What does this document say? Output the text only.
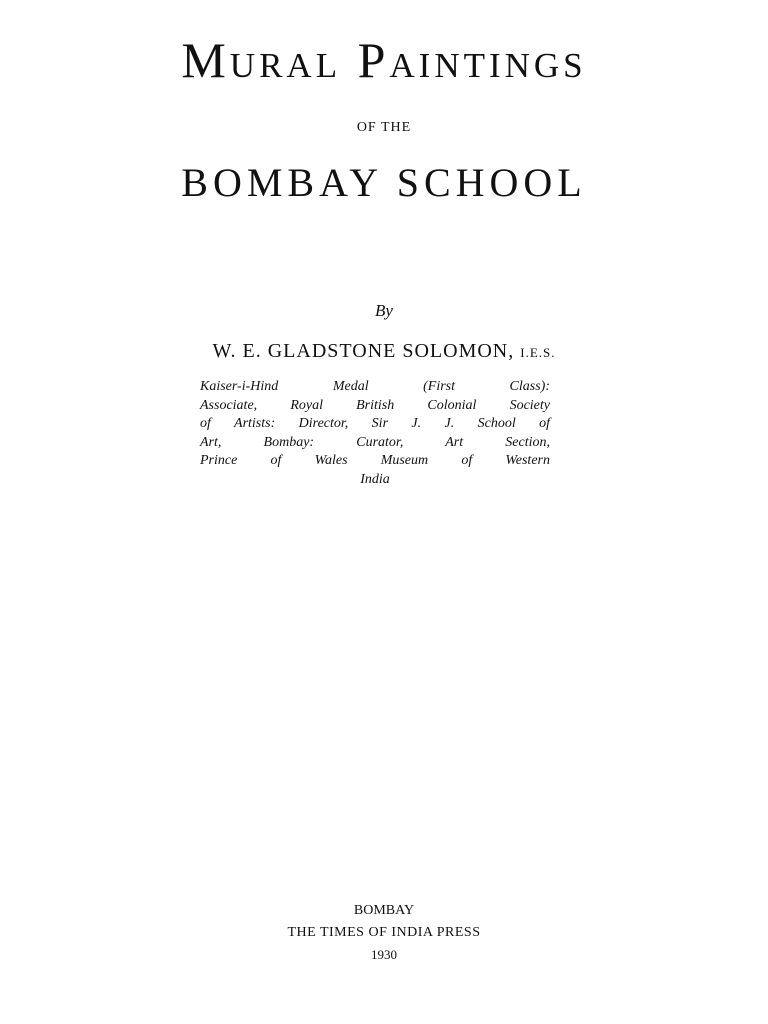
Mural Paintings
OF THE
BOMBAY SCHOOL
By
W. E. GLADSTONE SOLOMON, I.E.S.
Kaiser-i-Hind Medal (First Class):
Associate, Royal British Colonial Society
of Artists: Director, Sir J. J. School of
Art, Bombay: Curator, Art Section,
Prince of Wales Museum of Western
India
BOMBAY
THE TIMES OF INDIA PRESS
1930
